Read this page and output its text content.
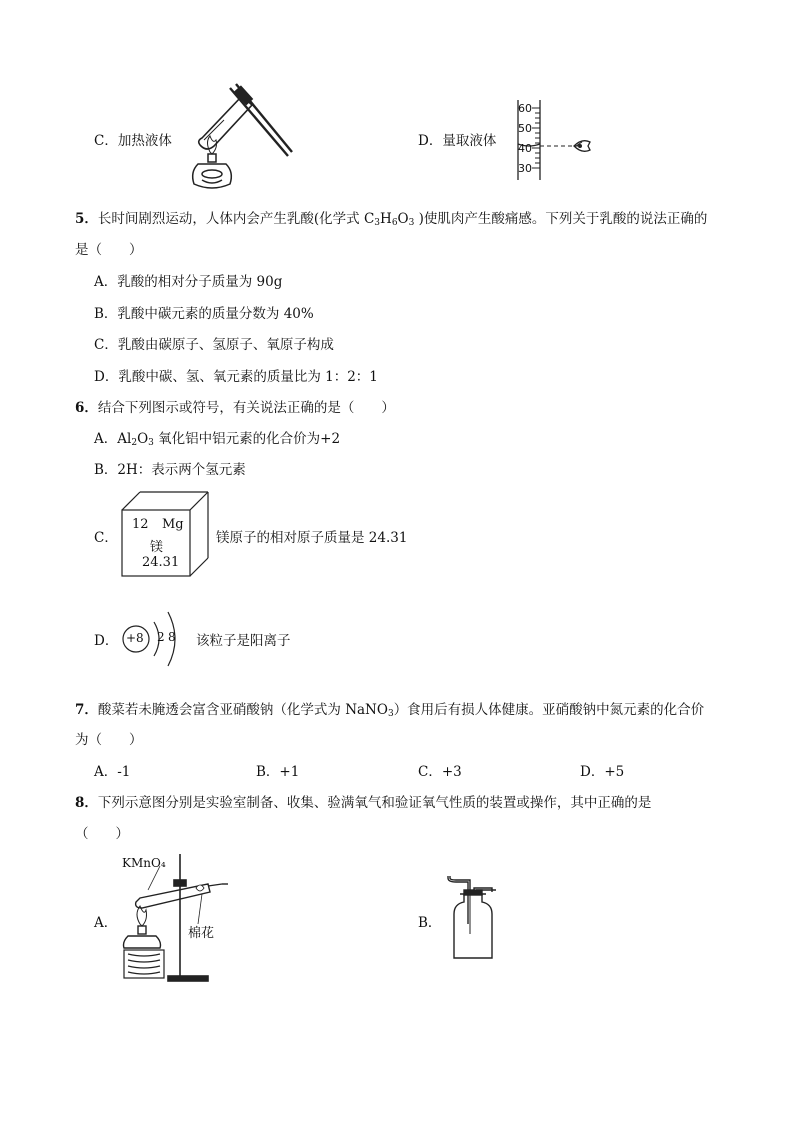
C．加热液体	D．量取液体
60
50
40
30
5．长时间剧烈运动，人体内会产生乳酸(化学式 $C_3H_6O_3$ )使肌肉产生酸痛感。下列关于乳酸的说法正确的
是（　　）
A．乳酸的相对分子质量为 90g
B．乳酸中碳元素的质量分数为 40%
C．乳酸由碳原子、氢原子、氧原子构成
D．乳酸中碳、氢、氧元素的质量比为 1：2：1
6．结合下列图示或符号，有关说法正确的是（　　）
A．$Al_2O_3$ 氧化铝中铝元素的化合价为+2
B．2H：表示两个氢元素
C．
12 Mg
镁
24.31
镁原子的相对原子质量是 24.31
D． +8 2 8 该粒子是阳离子
7．酸菜若未腌透会富含亚硝酸钠（化学式为 NaNO$_3$）食用后有损人体健康。亚硝酸钠中氮元素的化合价
为（　　）
A．-1	B．+1	C．+3	D．+5
8．下列示意图分别是实验室制备、收集、验满氧气和验证氧气性质的装置或操作，其中正确的是
（　　）
A．
KMnO₄
棉花
B．
